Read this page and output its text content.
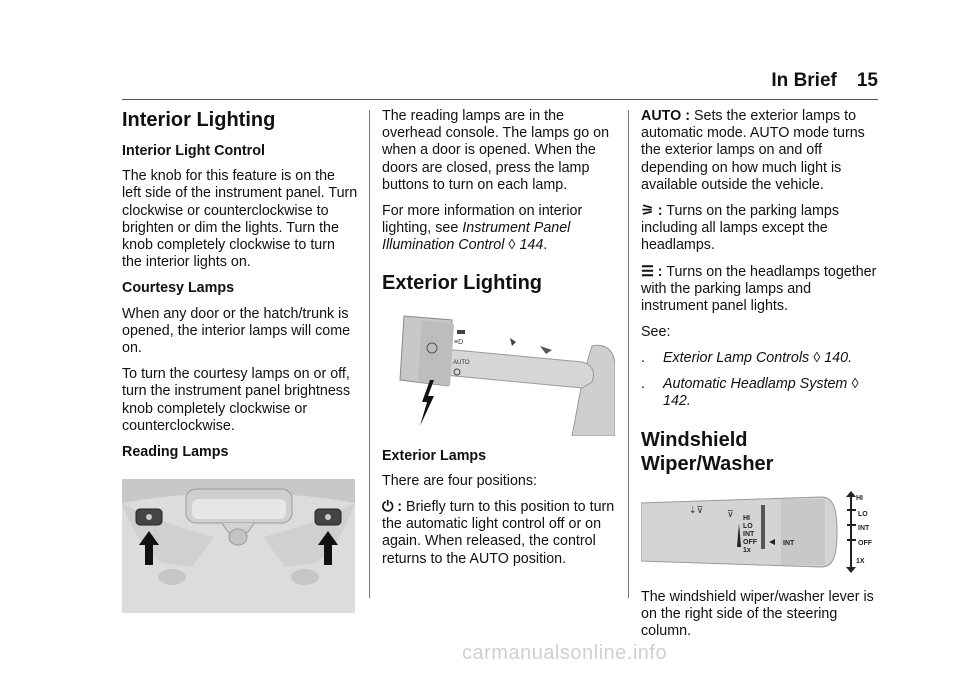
In Brief 15
Interior Lighting
Interior Light Control

The knob for this feature is on the left side of the instrument panel. Turn clockwise or counterclockwise to brighten or dim the lights. Turn the knob completely clockwise to turn the interior lights on.

Courtesy Lamps

When any door or the hatch/trunk is opened, the interior lamps will come on.

To turn the courtesy lamps on or off, turn the instrument panel brightness knob completely clockwise or counterclockwise.

Reading Lamps

The reading lamps are in the overhead console. The lamps go on when a door is opened. When the doors are closed, press the lamp buttons to turn on each lamp.

For more information on interior lighting, see Instrument Panel Illumination Control ◊ 144.

Exterior Lighting
≡D
AUTO
Exterior Lamps

There are four positions:

⏻ : Briefly turn to this position to turn the automatic light control off or on again. When released, the control returns to the AUTO position.

AUTO : Sets the exterior lamps to automatic mode. AUTO mode turns the exterior lamps on and off depending on how much light is available outside the vehicle.

⚞ : Turns on the parking lamps including all lamps except the headlamps.

☰ : Turns on the headlamps together with the parking lamps and instrument panel lights.

See:

.	Exterior Lamp Controls ◊ 140.
.	Automatic Headlamp System ◊ 142.
Windshield Wiper/Washer
HI
LO
INT
OFF
1x
INT
HI
LO
INT
OFF
1X
⇣⊽	⊽

The windshield wiper/washer lever is on the right side of the steering column.

carmanualsonline.info
